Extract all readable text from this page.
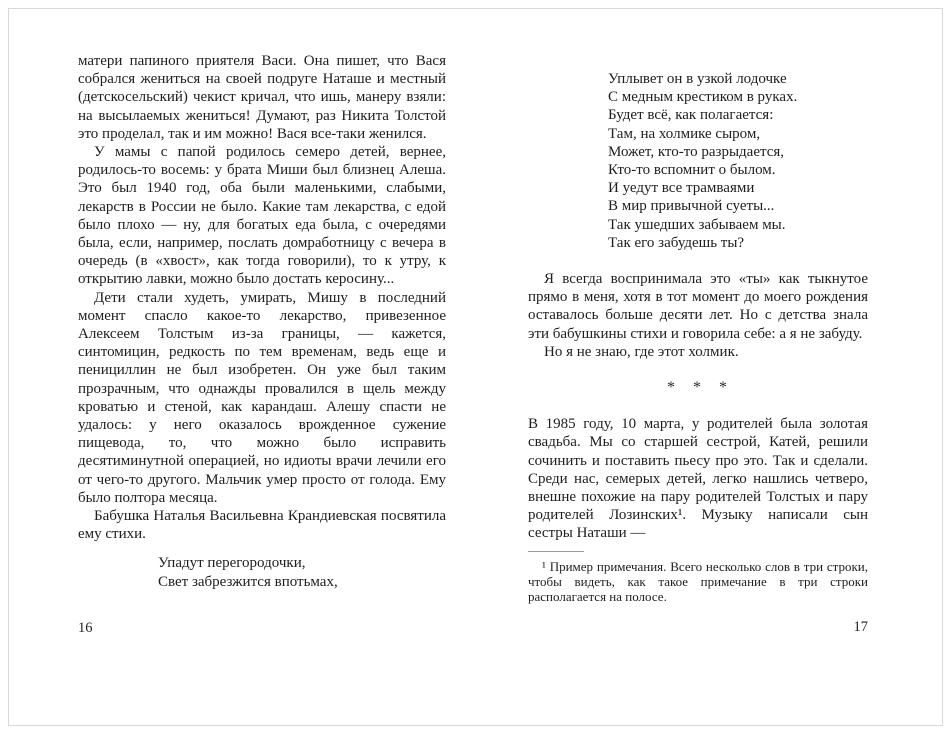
матери папиного приятеля Васи. Она пишет, что Вася собрался жениться на своей подруге Наташе и местный (детскосельский) чекист кричал, что ишь, манеру взяли: на высылаемых жениться! Думают, раз Никита Толстой это проделал, так и им можно! Вася все-таки женился.
У мамы с папой родилось семеро детей, вернее, родилось-то восемь: у брата Миши был близнец Алеша. Это был 1940 год, оба были маленькими, слабыми, лекарств в России не было. Какие там лекарства, с едой было плохо — ну, для богатых еда была, с очередями была, если, например, послать домработницу с вечера в очередь (в «хвост», как тогда говорили), то к утру, к открытию лавки, можно было достать керосину...
Дети стали худеть, умирать, Мишу в последний момент спасло какое-то лекарство, привезенное Алексеем Толстым из-за границы, — кажется, синтомицин, редкость по тем временам, ведь еще и пенициллин не был изобретен. Он уже был таким прозрачным, что однажды провалился в щель между кроватью и стеной, как карандаш. Алешу спасти не удалось: у него оказалось врожденное сужение пищевода, то, что можно было исправить десятиминутной операцией, но идиоты врачи лечили его от чего-то другого. Мальчик умер просто от голода. Ему было полтора месяца.
Бабушка Наталья Васильевна Крандиевская посвятила ему стихи.
Упадут перегородочки,
Свет забрезжится впотьмах,
16
Уплывет он в узкой лодочке
С медным крестиком в руках.
Будет всё, как полагается:
Там, на холмике сыром,
Может, кто-то разрыдается,
Кто-то вспомнит о былом.
И уедут все трамваями
В мир привычной суеты...
Так ушедших забываем мы.
Так его забудешь ты?
Я всегда воспринимала это «ты» как тыкнутое прямо в меня, хотя в тот момент до моего рождения оставалось больше десяти лет. Но с детства знала эти бабушкины стихи и говорила себе: а я не забуду.
Но я не знаю, где этот холмик.
* * *
В 1985 году, 10 марта, у родителей была золотая свадьба. Мы со старшей сестрой, Катей, решили сочинить и поставить пьесу про это. Так и сделали. Среди нас, семерых детей, легко нашлись четверо, внешне похожие на пару родителей Толстых и пару родителей Лозинских¹. Музыку написали сын сестры Наташи —
¹ Пример примечания. Всего несколько слов в три строки, чтобы видеть, как такое примечание в три строки располагается на полосе.
17
